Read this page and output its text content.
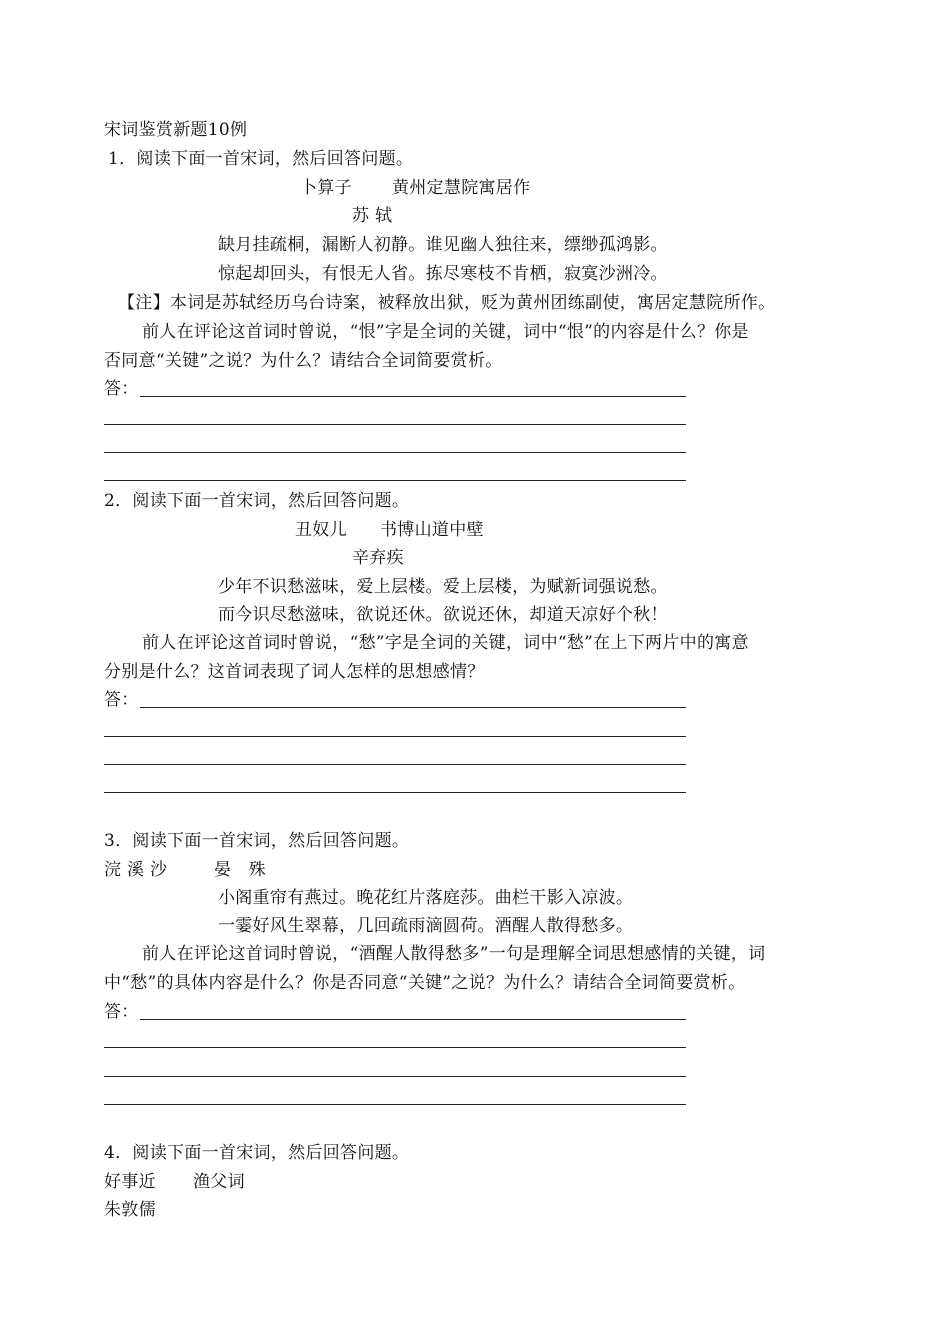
宋词鉴赏新题10例
1．阅读下面一首宋词，然后回答问题。
卜算子 黄州定慧院寓居作
苏 轼
缺月挂疏桐，漏断人初静。谁见幽人独往来，缥缈孤鸿影。
惊起却回头，有恨无人省。拣尽寒枝不肯栖，寂寞沙洲冷。
【注】本词是苏轼经历乌台诗案，被释放出狱，贬为黄州团练副使，寓居定慧院所作。
前人在评论这首词时曾说，“恨”字是全词的关键，词中“恨”的内容是什么？你是
否同意“关键”之说？为什么？请结合全词简要赏析。
答：
2．阅读下面一首宋词，然后回答问题。
丑奴儿 书博山道中壁
辛弃疾
少年不识愁滋味，爱上层楼。爱上层楼，为赋新词强说愁。
而今识尽愁滋味，欲说还休。欲说还休，却道天凉好个秋！
前人在评论这首词时曾说，“愁”字是全词的关键，词中“愁”在上下两片中的寓意
分别是什么？这首词表现了词人怎样的思想感情？
答：
3．阅读下面一首宋词，然后回答问题。
浣 溪 沙	晏　殊
小阁重帘有燕过。晚花红片落庭莎。曲栏干影入凉波。
一霎好风生翠幕，几回疏雨滴圆荷。酒醒人散得愁多。
前人在评论这首词时曾说，“酒醒人散得愁多”一句是理解全词思想感情的关键，词
中“愁”的具体内容是什么？你是否同意“关键”之说？为什么？请结合全词简要赏析。
答：
4．阅读下面一首宋词，然后回答问题。
好事近 渔父词
朱敦儒
